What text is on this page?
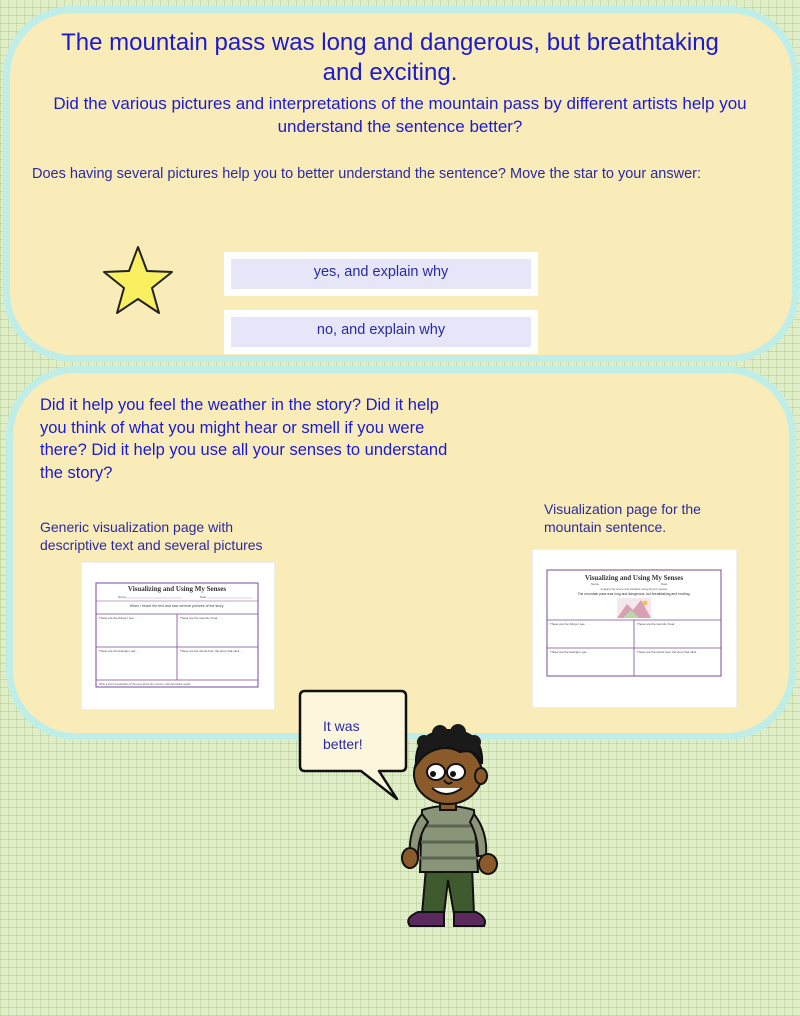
The mountain pass was long and dangerous, but breathtaking and exciting.
Did the various pictures and interpretations of the mountain pass by different artists help you understand the sentence better?
Does having several pictures help you to better understand the sentence? Move the star to your answer:
yes, and explain why
no, and explain why
Did it help you feel the weather in the story? Did it help you think of what you might hear or smell if you were there? Did it help you use all your senses to understand the story?
Generic visualization page with descriptive text and several pictures
Visualization page for the mountain sentence.
Visualizing and Using My Senses
Name	Date
When I heard the text and saw several pictures of the story:
These are the things I see . . .	These are the sounds I hear . . .
These are the feelings I get . . .	These are the words from the story that stick . . .
Write a short visualization of the story about the moment, with descriptive words
Visualizing and Using My Senses
Name	Date
Imagine the scene and visualize using all your senses
The mountain pass was long and dangerous, but breathtaking and exciting.
These are the things I see . . .	These are the sounds I hear . . .
These are the feelings I get . . .	These are the words from the story that stick . . .
It was better!
